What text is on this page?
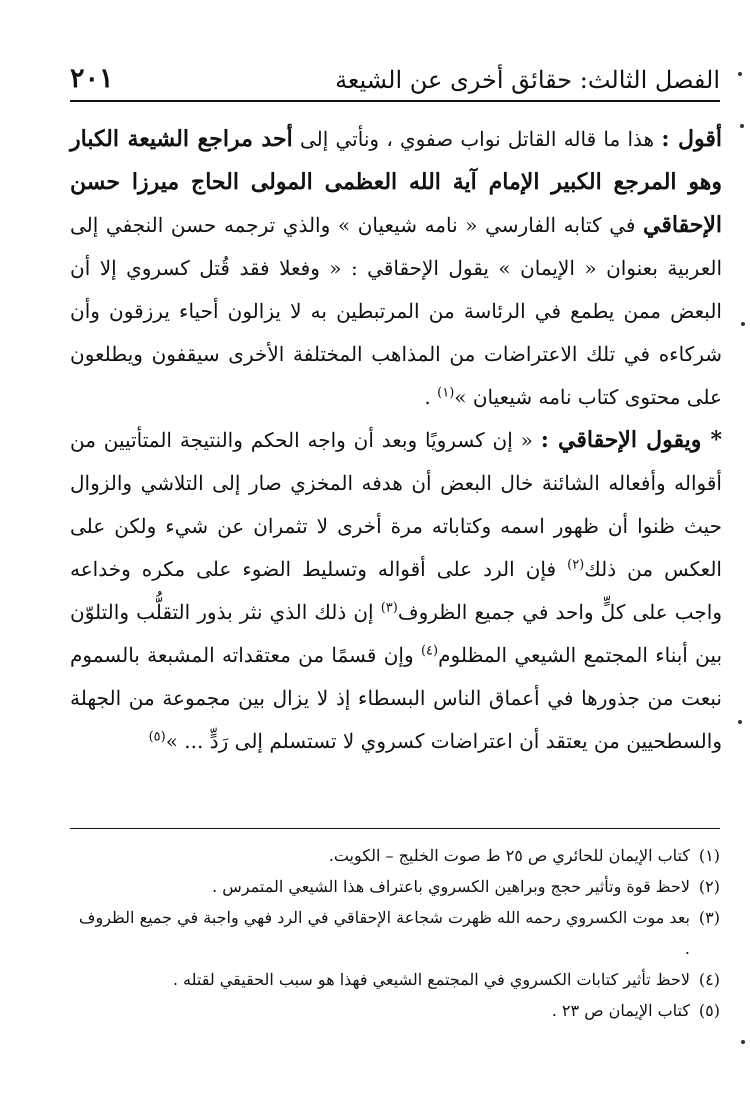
٢٠١	الفصل الثالث: حقائق أخرى عن الشيعة

أقول : هذا ما قاله القاتل نواب صفوي ، ونأتي إلى أحد مراجع الشيعة الكبار وهو المرجع الكبير الإمام آية الله العظمى المولى الحاج ميرزا حسن الإحقاقي في كتابه الفارسي « نامه شيعيان » والذي ترجمه حسن النجفي إلى العربية بعنوان « الإيمان » يقول الإحقاقي : « وفعلا فقد قُتل كسروي إلا أن البعض ممن يطمع في الرئاسة من المرتبطين به لا يزالون أحياء يرزقون وأن شركاءه في تلك الاعتراضات من المذاهب المختلفة الأخرى سيقفون ويطلعون على محتوى كتاب نامه شيعيان »$^{(١)}$ .

* ويقول الإحقاقي : « إن كسرويًا وبعد أن واجه الحكم والنتيجة المتأتيين من أقواله وأفعاله الشائنة خال البعض أن هدفه المخزي صار إلى التلاشي والزوال حيث ظنوا أن ظهور اسمه وكتاباته مرة أخرى لا تثمران عن شيء ولكن على العكس من ذلك$^{(٢)}$ فإن الرد على أقواله وتسليط الضوء على مكره وخداعه واجب على كلٍّ واحد في جميع الظروف$^{(٣)}$ إن ذلك الذي نثر بذور التقلُّب والتلوّن بين أبناء المجتمع الشيعي المظلوم$^{(٤)}$ وإن قسمًا من معتقداته المشبعة بالسموم نبعت من جذورها في أعماق الناس البسطاء إذ لا يزال بين مجموعة من الجهلة والسطحيين من يعتقد أن اعتراضات كسروي لا تستسلم إلى رَدٍّ ... »$^{(٥)}$

(١)
كتاب الإيمان للحائري ص ٢٥ ط صوت الخليج – الكويت.
(٢)
لاحظ قوة وتأثير حجج وبراهين الكسروي باعتراف هذا الشيعي المتمرس .
(٣)
بعد موت الكسروي رحمه الله ظهرت شجاعة الإحقاقي في الرد فهي واجبة في جميع الظروف .
(٤)
لاحظ تأثير كتابات الكسروي في المجتمع الشيعي فهذا هو سبب الحقيقي لقتله .
(٥)
كتاب الإيمان ص ٢٣ .
